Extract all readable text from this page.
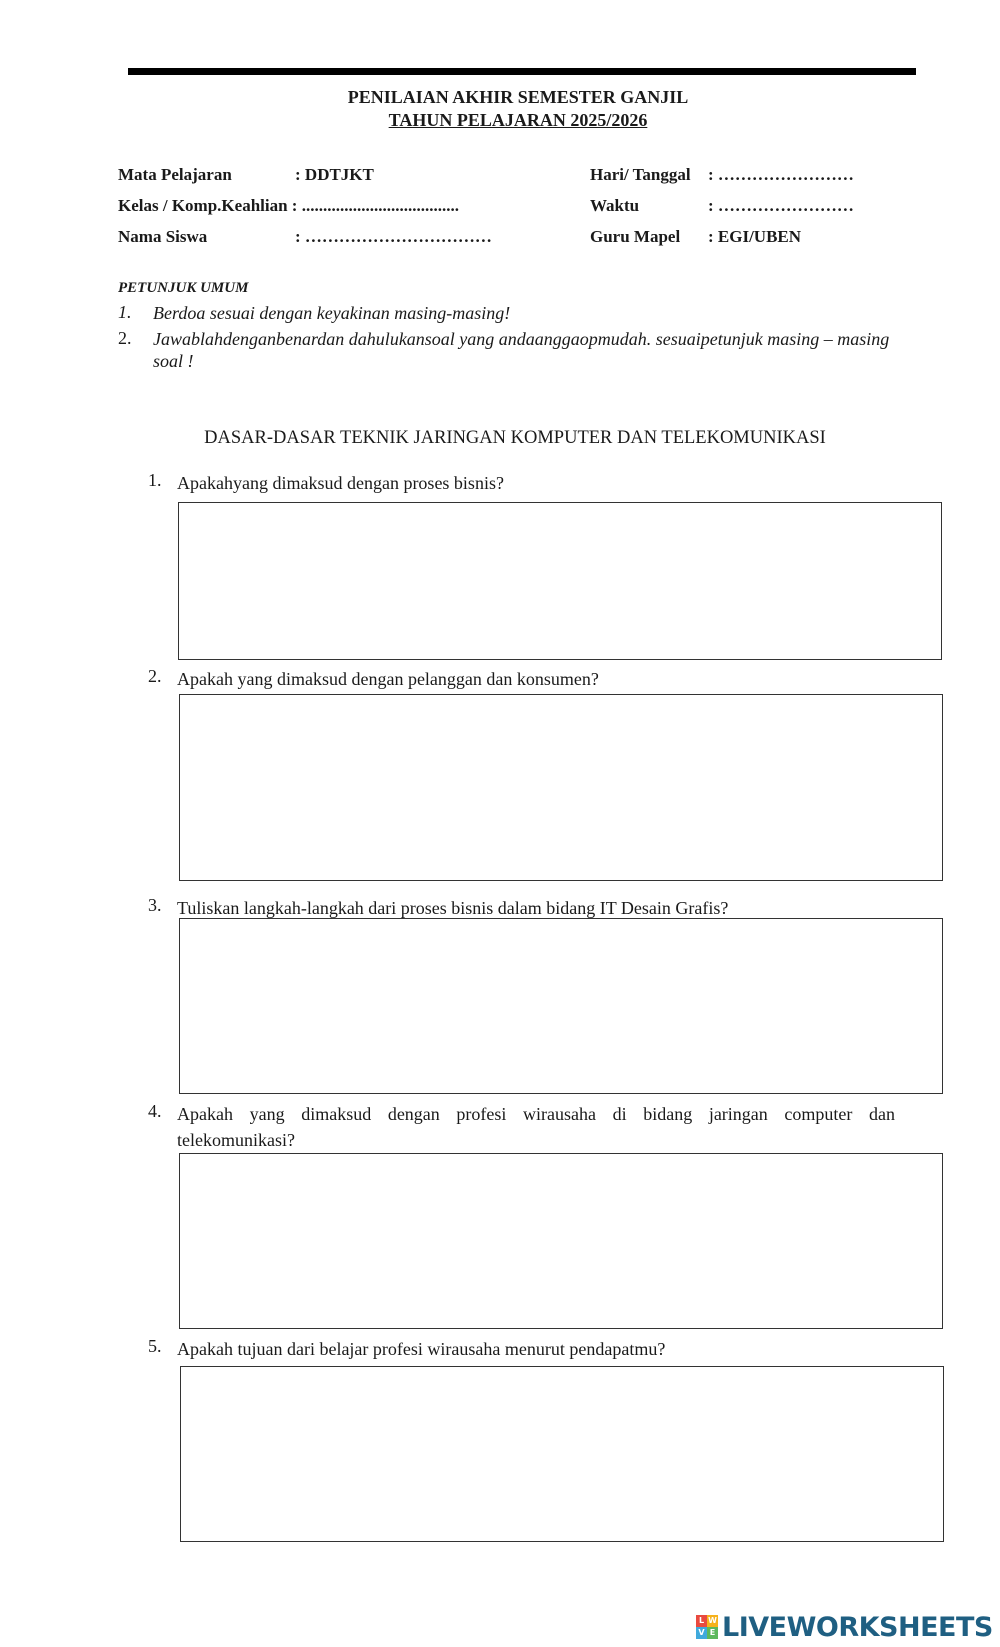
PENILAIAN AKHIR SEMESTER GANJIL
TAHUN PELAJARAN 2025/2026
Mata Pelajaran	: DDTJKT
Kelas / Komp.Keahlian : .....................................
Nama Siswa	: ……………………………
Hari/ Tanggal : ……………………
Waktu	: ……………………
Guru Mapel : EGI/UBEN
PETUNJUK UMUM
1. Berdoa sesuai dengan keyakinan masing-masing!
2. Jawablahdenganbenardan dahulukansoal yang andaanggaopmudah. sesuaipetunjuk masing – masing soal !
DASAR-DASAR TEKNIK JARINGAN KOMPUTER DAN TELEKOMUNIKASI
1. Apakahyang dimaksud dengan proses bisnis?
2. Apakah yang dimaksud dengan pelanggan dan konsumen?
3. Tuliskan langkah-langkah dari proses bisnis dalam bidang IT Desain Grafis?
4. Apakah yang dimaksud dengan profesi wirausaha di bidang jaringan computer dan telekomunikasi?
5. Apakah tujuan dari belajar profesi wirausaha menurut pendapatmu?
L W
V E LIVEWORKSHEETS
